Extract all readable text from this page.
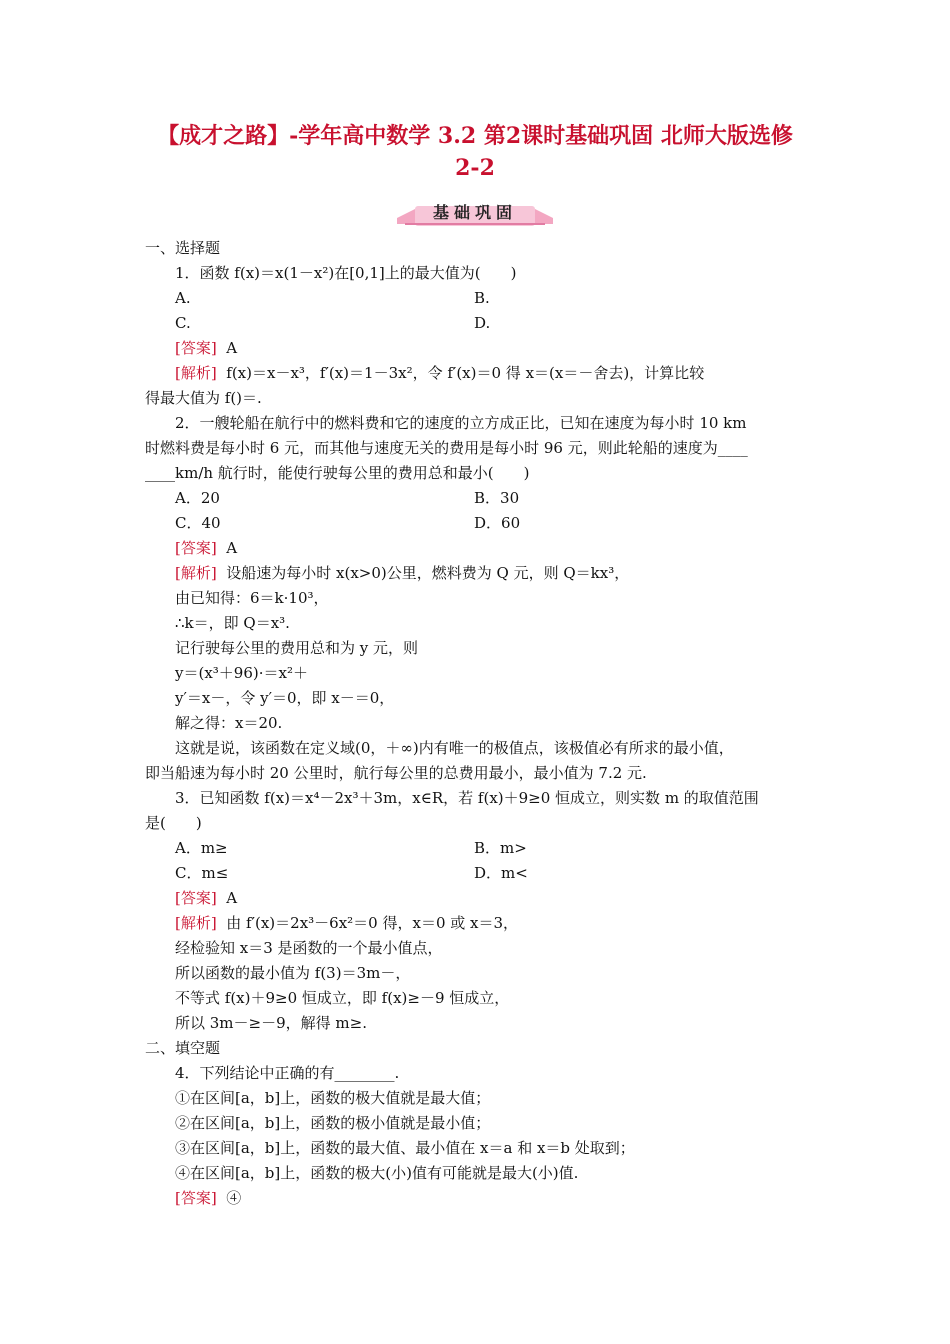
【成才之路】-学年高中数学 3.2 第2课时基础巩固 北师大版选修
2-2
基础巩固
一、选择题
1．函数 f(x)＝x(1－x²)在[0,1]上的最大值为(　　)
A.	B.
C.	D.
[答案] A
[解析] f(x)＝x－x³，f′(x)＝1－3x²，令 f′(x)＝0 得 x＝(x＝－舍去)，计算比较
得最大值为 f()＝.
2．一艘轮船在航行中的燃料费和它的速度的立方成正比，已知在速度为每小时 10 km
时燃料费是每小时 6 元，而其他与速度无关的费用是每小时 96 元，则此轮船的速度为____
____km/h 航行时，能使行驶每公里的费用总和最小(　　)
A．20	B．30
C．40	D．60
[答案] A
[解析] 设船速为每小时 x(x>0)公里，燃料费为 Q 元，则 Q＝kx³，
由已知得：6＝k·10³，
∴k＝，即 Q＝x³.
记行驶每公里的费用总和为 y 元，则
y＝(x³＋96)·＝x²＋
y′＝x－，令 y′＝0，即 x－＝0，
解之得：x＝20.
这就是说，该函数在定义域(0，＋∞)内有唯一的极值点，该极值必有所求的最小值，
即当船速为每小时 20 公里时，航行每公里的总费用最小，最小值为 7.2 元.
3．已知函数 f(x)＝x⁴－2x³＋3m，x∈R，若 f(x)＋9≥0 恒成立，则实数 m 的取值范围
是(　　)
A．m≥	B．m>
C．m≤	D．m<
[答案] A
[解析] 由 f′(x)＝2x³－6x²＝0 得，x＝0 或 x＝3，
经检验知 x＝3 是函数的一个最小值点，
所以函数的最小值为 f(3)＝3m－，
不等式 f(x)＋9≥0 恒成立，即 f(x)≥－9 恒成立，
所以 3m－≥－9，解得 m≥.
二、填空题
4．下列结论中正确的有________.
①在区间[a，b]上，函数的极大值就是最大值；
②在区间[a，b]上，函数的极小值就是最小值；
③在区间[a，b]上，函数的最大值、最小值在 x＝a 和 x＝b 处取到；
④在区间[a，b]上，函数的极大(小)值有可能就是最大(小)值.
[答案] ④
